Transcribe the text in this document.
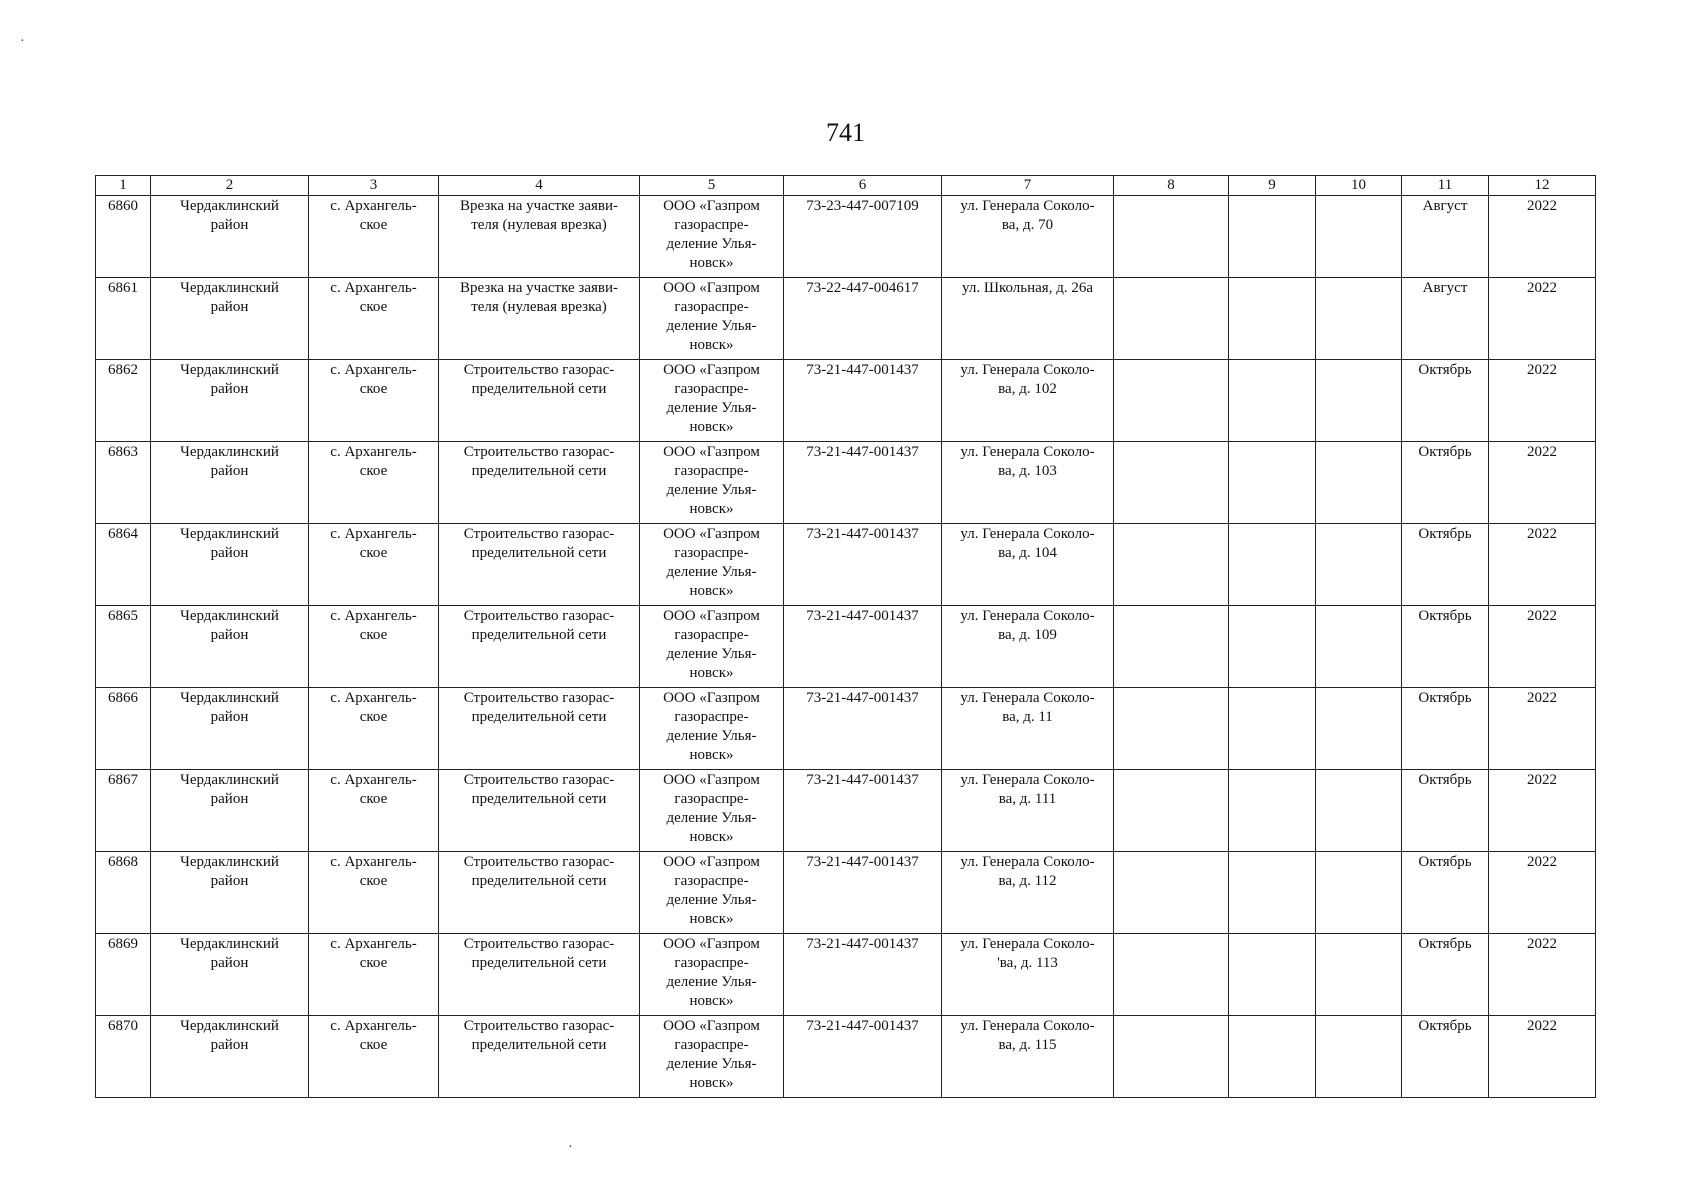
741
1	2	3	4	5	6	7	8	9	10	11	12
6860	Чердаклинский
район	с. Архангель-
ское	Врезка на участке заяви-
теля (нулевая врезка)	ООО «Газпром
газораспре-
деление Улья-
новск»	73-23-447-007109	ул. Генерала Соколо-
ва, д. 70				Август	2022
6861	Чердаклинский
район	с. Архангель-
ское	Врезка на участке заяви-
теля (нулевая врезка)	ООО «Газпром
газораспре-
деление Улья-
новск»	73-22-447-004617	ул. Школьная, д. 26а				Август	2022
6862	Чердаклинский
район	с. Архангель-
ское	Строительство газорас-
пределительной сети	ООО «Газпром
газораспре-
деление Улья-
новск»	73-21-447-001437	ул. Генерала Соколо-
ва, д. 102				Октябрь	2022
6863	Чердаклинский
район	с. Архангель-
ское	Строительство газорас-
пределительной сети	ООО «Газпром
газораспре-
деление Улья-
новск»	73-21-447-001437	ул. Генерала Соколо-
ва, д. 103				Октябрь	2022
6864	Чердаклинский
район	с. Архангель-
ское	Строительство газорас-
пределительной сети	ООО «Газпром
газораспре-
деление Улья-
новск»	73-21-447-001437	ул. Генерала Соколо-
ва, д. 104				Октябрь	2022
6865	Чердаклинский
район	с. Архангель-
ское	Строительство газорас-
пределительной сети	ООО «Газпром
газораспре-
деление Улья-
новск»	73-21-447-001437	ул. Генерала Соколо-
ва, д. 109				Октябрь	2022
6866	Чердаклинский
район	с. Архангель-
ское	Строительство газорас-
пределительной сети	ООО «Газпром
газораспре-
деление Улья-
новск»	73-21-447-001437	ул. Генерала Соколо-
ва, д. 11				Октябрь	2022
6867	Чердаклинский
район	с. Архангель-
ское	Строительство газорас-
пределительной сети	ООО «Газпром
газораспре-
деление Улья-
новск»	73-21-447-001437	ул. Генерала Соколо-
ва, д. 111				Октябрь	2022
6868	Чердаклинский
район	с. Архангель-
ское	Строительство газорас-
пределительной сети	ООО «Газпром
газораспре-
деление Улья-
новск»	73-21-447-001437	ул. Генерала Соколо-
ва, д. 112				Октябрь	2022
6869	Чердаклинский
район	с. Архангель-
ское	Строительство газорас-
пределительной сети	ООО «Газпром
газораспре-
деление Улья-
новск»	73-21-447-001437	ул. Генерала Соколо-
'ва, д. 113				Октябрь	2022
6870	Чердаклинский
район	с. Архангель-
ское	Строительство газорас-
пределительной сети	ООО «Газпром
газораспре-
деление Улья-
новск»	73-21-447-001437	ул. Генерала Соколо-
ва, д. 115				Октябрь	2022
·
·
